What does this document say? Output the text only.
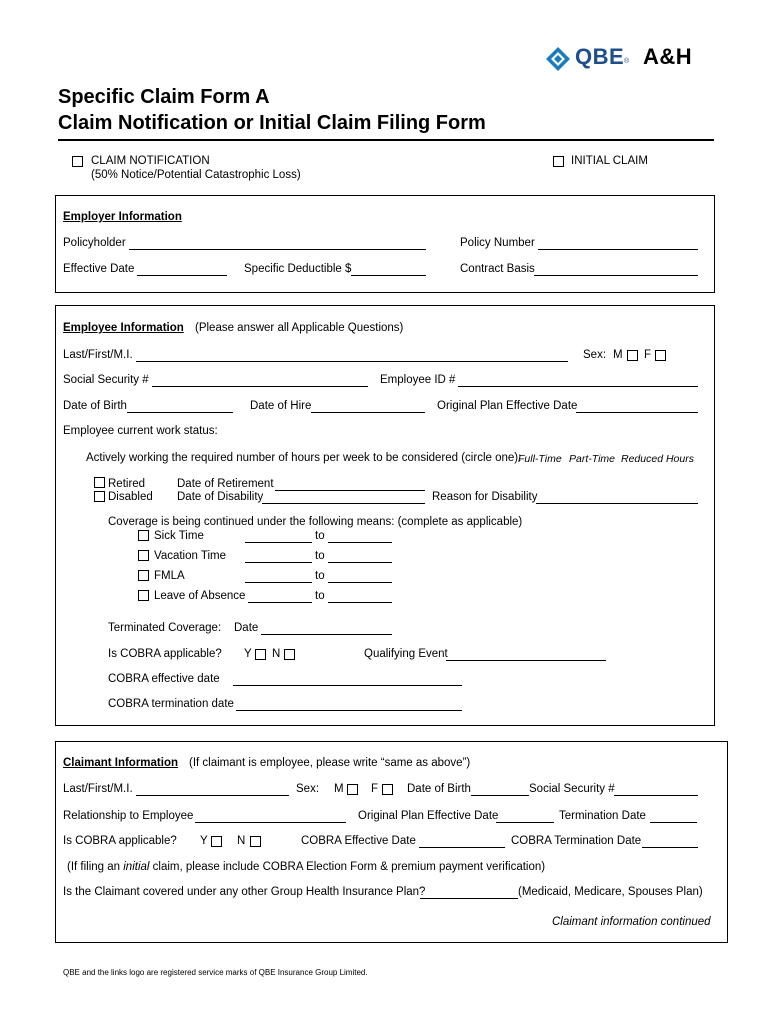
QBE ® A&H
Specific Claim Form A
Claim Notification or Initial Claim Filing Form
CLAIM NOTIFICATION
(50% Notice/Potential Catastrophic Loss)
INITIAL CLAIM
Employer Information
Policyholder	Policy Number
Effective Date	Specific Deductible $	Contract Basis
Employee Information (Please answer all Applicable Questions)
Last/First/M.I.	Sex: M F
Social Security #	Employee ID #
Date of Birth	Date of Hire	Original Plan Effective Date
Employee current work status:
Actively working the required number of hours per week to be considered (circle one):
Full-Time Part-Time Reduced Hours
Retired	Date of Retirement
Disabled Date of Disability	Reason for Disability
Coverage is being continued under the following means: (complete as applicable)
Sick Time	to
Vacation Time	to
FMLA	to
Leave of Absence	to
Terminated Coverage: Date
Is COBRA applicable? Y N	Qualifying Event
COBRA effective date
COBRA termination date
Claimant Information (If claimant is employee, please write “same as above”)
Last/First/M.I.	Sex: M F	Date of Birth	Social Security #
Relationship to Employee	Original Plan Effective Date	Termination Date
Is COBRA applicable? Y	N	COBRA Effective Date	COBRA Termination Date
(If filing an initial claim, please include COBRA Election Form & premium payment verification)
Is the Claimant covered under any other Group Health Insurance Plan?	(Medicaid, Medicare, Spouses Plan)
Claimant information continued
QBE and the links logo are registered service marks of QBE Insurance Group Limited.
